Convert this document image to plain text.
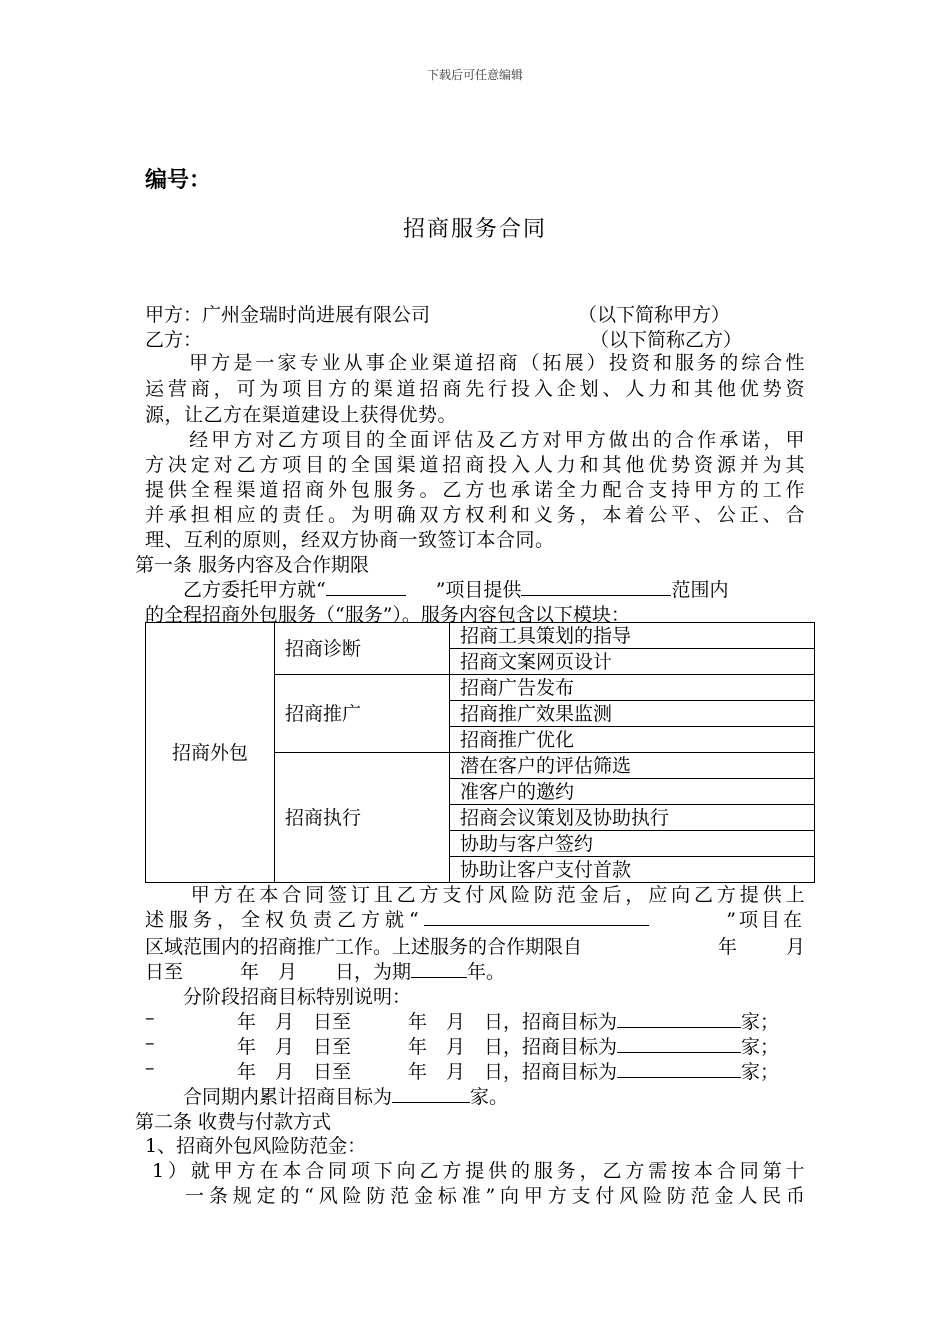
下载后可任意编辑
编号：
招商服务合同
甲方：广州金瑞时尚进展有限公司	（以下简称甲方）
乙方：	（以下简称乙方）
　　甲方是一家专业从事企业渠道招商（拓展）投资和服务的综合性
运营商，可为项目方的渠道招商先行投入企划、人力和其他优势资
源，让乙方在渠道建设上获得优势。
　　经甲方对乙方项目的全面评估及乙方对甲方做出的合作承诺，甲
方决定对乙方项目的全国渠道招商投入人力和其他优势资源并为其
提供全程渠道招商外包服务。乙方也承诺全力配合支持甲方的工作
并承担相应的责任。为明确双方权利和义务，本着公平、公正、合
理、互利的原则，经双方协商一致签订本合同。
第一条 服务内容及合作期限
　　乙方委托甲方就“	”项目提供	范围内
的全程招商外包服务（“服务”）。服务内容包含以下模块：
招商外包	招商诊断	招商工具策划的指导
		招商文案网页设计
	招商推广	招商广告发布
		招商推广效果监测
		招商推广优化
	招商执行	潜在客户的评估筛选
		准客户的邀约
		招商会议策划及协助执行
		协助与客户签约
		协助让客户支付首款
　　甲方在本合同签订且乙方支付风险防范金后，应向乙方提供上
述服务，全权负责乙方就“	”项目在
区域范围内的招商推广工作。上述服务的合作期限自	年	月
日至　　　年　月　　日，为期	年。
　　分阶段招商目标特别说明：
–	年　月　日至　　　年　月　日，招商目标为	家；
–	年　月　日至　　　年　月　日，招商目标为	家；
–	年　月　日至　　　年　月　日，招商目标为	家；
　　合同期内累计招商目标为	家。
第二条 收费与付款方式
1、招商外包风险防范金：
1）就甲方在本合同项下向乙方提供的服务，乙方需按本合同第十
一条规定的“风险防范金标准”向甲方支付风险防范金人民币
